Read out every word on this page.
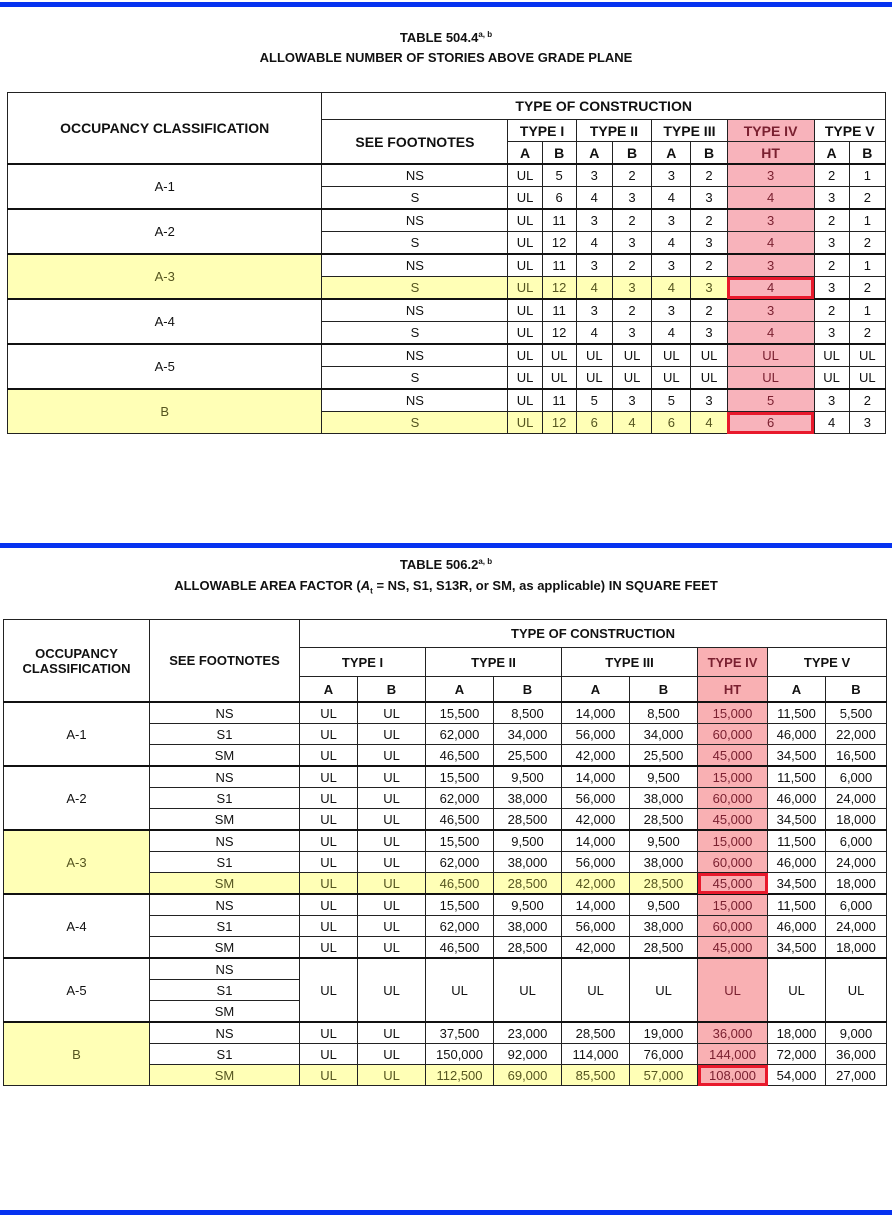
TABLE 504.4$^{a, b}$
ALLOWABLE NUMBER OF STORIES ABOVE GRADE PLANE
OCCUPANCY CLASSIFICATION	TYPE OF CONSTRUCTION									
	SEE FOOTNOTES	TYPE I		TYPE II		TYPE III		TYPE IV	TYPE V	
		A	B	A	B	A	B	HT	A	B
A-1	NS	UL	5	3	2	3	2	3	2	1
	S	UL	6	4	3	4	3	4	3	2
A-2	NS	UL	11	3	2	3	2	3	2	1
	S	UL	12	4	3	4	3	4	3	2
A-3	NS	UL	11	3	2	3	2	3	2	1
	S	UL	12	4	3	4	3	4	3	2
A-4	NS	UL	11	3	2	3	2	3	2	1
	S	UL	12	4	3	4	3	4	3	2
A-5	NS	UL	UL	UL	UL	UL	UL	UL	UL	UL
	S	UL	UL	UL	UL	UL	UL	UL	UL	UL
B	NS	UL	11	5	3	5	3	5	3	2
	S	UL	12	6	4	6	4	6	4	3
TABLE 506.2$^{a, b}$
ALLOWABLE AREA FACTOR ($A_t$ = NS, S1, S13R, or SM, as applicable) IN SQUARE FEET
OCCUPANCY CLASSIFICATION	SEE FOOTNOTES	TYPE OF CONSTRUCTION								
		TYPE I		TYPE II		TYPE III		TYPE IV	TYPE V	
		A	B	A	B	A	B	HT	A	B
A-1	NS	UL	UL	15,500	8,500	14,000	8,500	15,000	11,500	5,500
	S1	UL	UL	62,000	34,000	56,000	34,000	60,000	46,000	22,000
	SM	UL	UL	46,500	25,500	42,000	25,500	45,000	34,500	16,500
A-2	NS	UL	UL	15,500	9,500	14,000	9,500	15,000	11,500	6,000
	S1	UL	UL	62,000	38,000	56,000	38,000	60,000	46,000	24,000
	SM	UL	UL	46,500	28,500	42,000	28,500	45,000	34,500	18,000
A-3	NS	UL	UL	15,500	9,500	14,000	9,500	15,000	11,500	6,000
	S1	UL	UL	62,000	38,000	56,000	38,000	60,000	46,000	24,000
	SM	UL	UL	46,500	28,500	42,000	28,500	45,000	34,500	18,000
A-4	NS	UL	UL	15,500	9,500	14,000	9,500	15,000	11,500	6,000
	S1	UL	UL	62,000	38,000	56,000	38,000	60,000	46,000	24,000
	SM	UL	UL	46,500	28,500	42,000	28,500	45,000	34,500	18,000
A-5	NS	UL	UL	UL	UL	UL	UL	UL	UL	UL
	S1									
	SM									
B	NS	UL	UL	37,500	23,000	28,500	19,000	36,000	18,000	9,000
	S1	UL	UL	150,000	92,000	114,000	76,000	144,000	72,000	36,000
	SM	UL	UL	112,500	69,000	85,500	57,000	108,000	54,000	27,000
